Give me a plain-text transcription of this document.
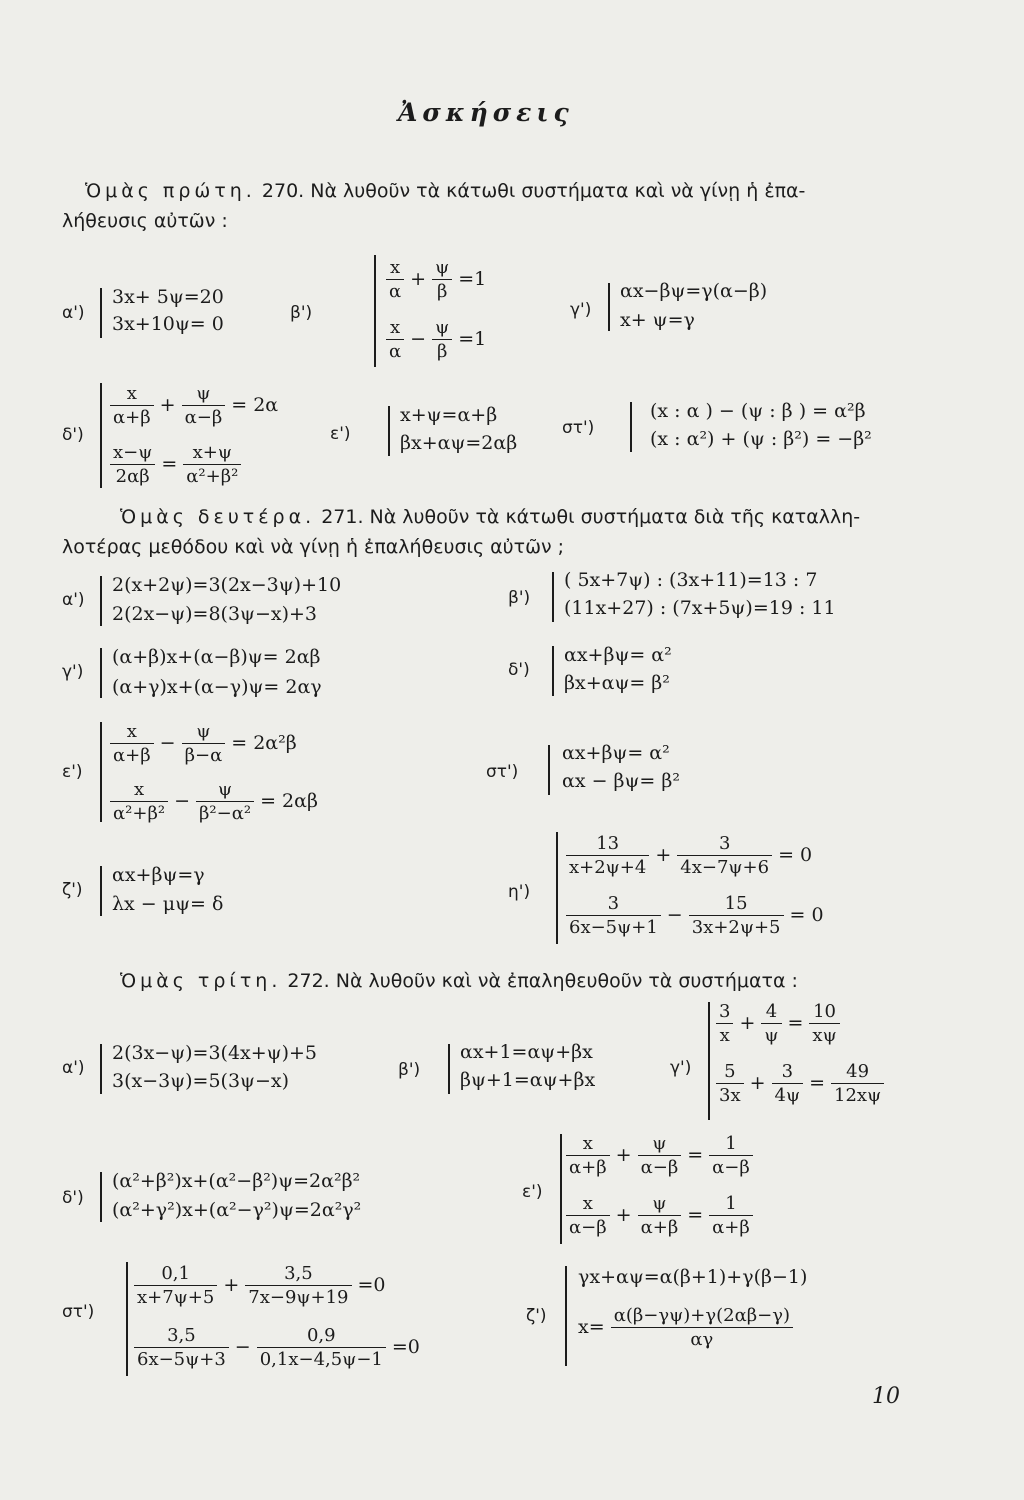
Ἀσκήσεις
Ὁμὰς πρώτη. 270. Νὰ λυθοῦν τὰ κάτωθι συστήματα καὶ νὰ γίνῃ ἡ ἐπα-
λήθευσις αὐτῶν :
α')
3x+ 5ψ=20
3x+10ψ= 0	β')
$\frac{x}{\alpha} + \frac{\psi}{\beta} =1$
$\frac{x}{\alpha} - \frac{\psi}{\beta} =1$
γ')
αx−βψ=γ(α−β)
x+ ψ=γ
δ')
$\frac{x}{\alpha+\beta} + \frac{\psi}{\alpha-\beta} = 2\alpha$
$\frac{x-\psi}{2\alpha\beta} = \frac{x+\psi}{\text{α²+β²}}$
ε')
x+ψ=α+β
βx+αψ=2αβ
στ')
(x : α ) − (ψ : β ) = α²β
(x : α²) + (ψ : β²) = −β²
Ὁμὰς δευτέρα. 271. Νὰ λυθοῦν τὰ κάτωθι συστήματα διὰ τῆς καταλλη-
λοτέρας μεθόδου καὶ νὰ γίνῃ ἡ ἐπαλήθευσις αὐτῶν ;
α')
2(x+2ψ)=3(2x−3ψ)+10
2(2x−ψ)=8(3ψ−x)+3
β')
( 5x+7ψ) : (3x+11)=13 : 7
(11x+27) : (7x+5ψ)=19 : 11
γ')
(α+β)x+(α−β)ψ= 2αβ
(α+γ)x+(α−γ)ψ= 2αγ
δ')
αx+βψ= α²
βx+αψ= β²
ε')
$\frac{x}{\alpha+\beta} - \frac{\psi}{\beta-\alpha} = 2\alpha^2\beta$
$\frac{x}{\text{α²+β²}} - \frac{\psi}{\text{β²−α²}} = 2\alpha\beta$
στ')
αx+βψ= α²
αx − βψ= β²
ζ')
αx+βψ=γ
λx − μψ= δ
η')
$\frac{13}{x+2\psi+4} + \frac{3}{4x-7\psi+6} = 0$
$\frac{3}{6x-5\psi+1} - \frac{15}{3x+2\psi+5} = 0$
Ὁμὰς τρίτη. 272. Νὰ λυθοῦν καὶ νὰ ἐπαληθευθοῦν τὰ συστήματα :
α')
2(3x−ψ)=3(4x+ψ)+5
3(x−3ψ)=5(3ψ−x)	β')
αx+1=αψ+βx
βψ+1=αψ+βx
γ')
$\frac{3}{x} + \frac{4}{\psi} = \frac{10}{x\psi}$
$\frac{5}{3x} + \frac{3}{4\psi} = \frac{49}{12x\psi}$
δ')
(α²+β²)x+(α²−β²)ψ=2α²β²
(α²+γ²)x+(α²−γ²)ψ=2α²γ²
ε')
$\frac{x}{\alpha+\beta} + \frac{\psi}{\alpha-\beta} = \frac{1}{\alpha-\beta}$
$\frac{x}{\alpha-\beta} + \frac{\psi}{\alpha+\beta} = \frac{1}{\alpha+\beta}$
στ')
$\frac{0,1}{x+7\psi+5} + \frac{3,5}{7x-9\psi+19} =0$
$\frac{3,5}{6x-5\psi+3} - \frac{0,9}{0,1x-4,5\psi-1} =0$
ζ')
γx+αψ=α(β+1)+γ(β−1)
$x= \frac{\alpha(\beta-\gamma\psi)+\gamma(2\alpha\beta-\gamma)}{\alpha\gamma}$
10
